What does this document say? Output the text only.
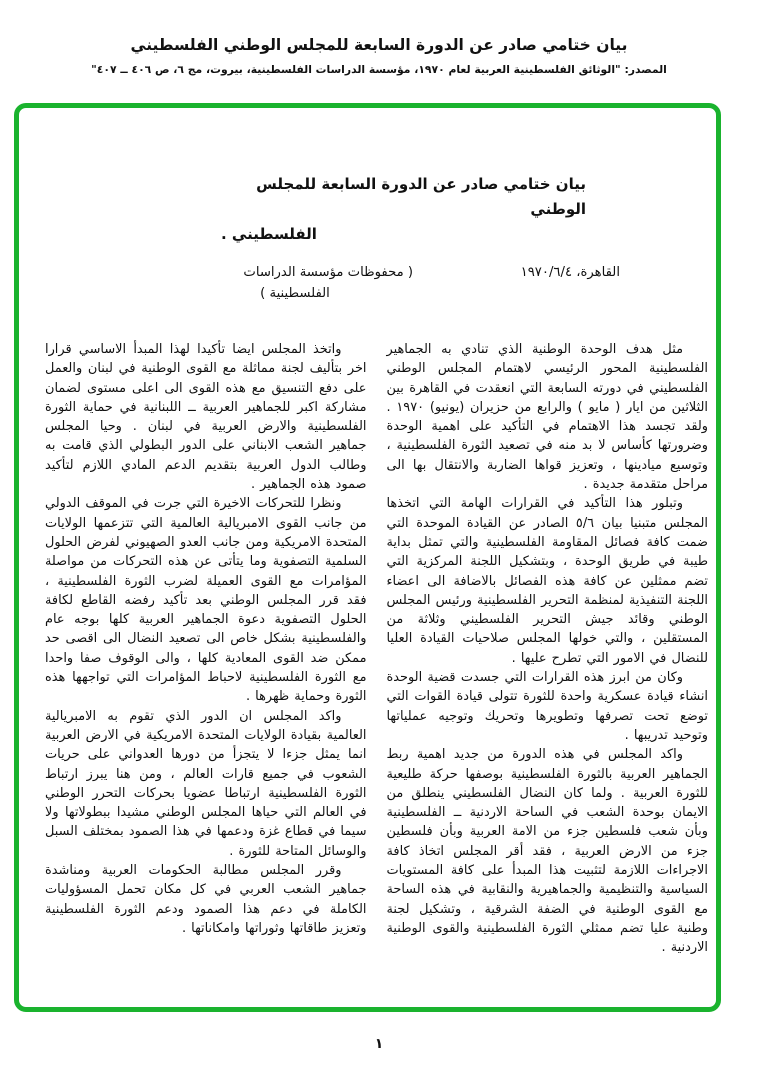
بيان ختامي صادر عن الدورة السابعة للمجلس الوطني الفلسطيني
المصدر: "الوثائق الفلسطينية العربية لعام ١٩٧٠، مؤسسة الدراسات الفلسطينية، بيروت، مج ٦، ص ٤٠٦ ــ ٤٠٧"
بيان ختامي صادر عن الدورة السابعة للمجلس الوطني
الفلسطيني .
القاهرة، ١٩٧٠/٦/٤
( محفوظات مؤسسة الدراسات
الفلسطينية )

مثل هدف الوحدة الوطنية الذي تنادي به الجماهير الفلسطينية المحور الرئيسي لاهتمام المجلس الوطني الفلسطيني في دورته السابعة التي انعقدت في القاهرة بين الثلاثين من ايار ( مايو ) والرابع من حزيران (يونيو) ١٩٧٠ . ولقد تجسد هذا الاهتمام في التأكيد على اهمية الوحدة وضرورتها كأساس لا بد منه في تصعيد الثورة الفلسطينية ، وتوسيع ميادينها ، وتعزيز قواها الضاربة والانتقال بها الى مراحل متقدمة جديدة .

وتبلور هذا التأكيد في القرارات الهامة التي اتخذها المجلس متبنيا بيان ٥/٦ الصادر عن القيادة الموحدة التي ضمت كافة فصائل المقاومة الفلسطينية والتي تمثل بداية طيبة في طريق الوحدة ، وبتشكيل اللجنة المركزية التي تضم ممثلين عن كافة هذه الفصائل بالاضافة الى اعضاء اللجنة التنفيذية لمنظمة التحرير الفلسطينية ورئيس المجلس الوطني وقائد جيش التحرير الفلسطيني وثلاثة من المستقلين ، والتي خولها المجلس صلاحيات القيادة العليا للنضال في الامور التي تطرح عليها .

وكان من ابرز هذه القرارات التي جسدت قضية الوحدة انشاء قيادة عسكرية واحدة للثورة تتولى قيادة القوات التي توضع تحت تصرفها وتطويرها وتحريك وتوجيه عملياتها وتوحيد تدريبها .

واكد المجلس في هذه الدورة من جديد اهمية ربط الجماهير العربية بالثورة الفلسطينية بوصفها حركة طليعية للثورة العربية . ولما كان النضال الفلسطيني ينطلق من الايمان بوحدة الشعب في الساحة الاردنية ــ الفلسطينية وبأن شعب فلسطين جزء من الامة العربية وبأن فلسطين جزء من الارض العربية ، فقد أقر المجلس اتخاذ كافة الاجراءات اللازمة لتثبيت هذا المبدأ على كافة المستويات السياسية والتنظيمية والجماهيرية والنقابية في هذه الساحة مع القوى الوطنية في الضفة الشرقية ، وتشكيل لجنة وطنية عليا تضم ممثلي الثورة الفلسطينية والقوى الوطنية الاردنية .

واتخذ المجلس ايضا تأكيدا لهذا المبدأ الاساسي قرارا اخر بتأليف لجنة مماثلة مع القوى الوطنية في لبنان والعمل على دفع التنسيق مع هذه القوى الى اعلى مستوى لضمان مشاركة اكبر للجماهير العربية ــ اللبنانية في حماية الثورة الفلسطينية والارض العربية في لبنان . وحيا المجلس جماهير الشعب الابناني على الدور البطولي الذي قامت به وطالب الدول العربية بتقديم الدعم المادي اللازم لتأكيد صمود هذه الجماهير .

ونظرا للتحركات الاخيرة التي جرت في الموقف الدولي من جانب القوى الامبريالية العالمية التي تتزعمها الولايات المتحدة الامريكية ومن جانب العدو الصهيوني لفرض الحلول السلمية التصفوية وما يتأتى عن هذه التحركات من مواصلة المؤامرات مع القوى العميلة لضرب الثورة الفلسطينية ، فقد قرر المجلس الوطني بعد تأكيد رفضه القاطع لكافة الحلول التصفوية دعوة الجماهير العربية كلها بوجه عام والفلسطينية بشكل خاص الى تصعيد النضال الى اقصى حد ممكن ضد القوى المعادية كلها ، والى الوقوف صفا واحدا مع الثورة الفلسطينية لاحباط المؤامرات التي تواجهها هذه الثورة وحماية ظهرها .

واكد المجلس ان الدور الذي تقوم به الامبريالية العالمية بقيادة الولايات المتحدة الامريكية في الارض العربية انما يمثل جزءا لا يتجزأ من دورها العدواني على حريات الشعوب في جميع قارات العالم ، ومن هنا يبرز ارتباط الثورة الفلسطينية ارتباطا عضويا بحركات التحرر الوطني في العالم التي حياها المجلس الوطني مشيدا ببطولاتها ولا سيما في قطاع غزة ودعمها في هذا الصمود بمختلف السبل والوسائل المتاحة للثورة .

وقرر المجلس مطالبة الحكومات العربية ومناشدة جماهير الشعب العربي في كل مكان تحمل المسؤوليات الكاملة في دعم هذا الصمود ودعم الثورة الفلسطينية وتعزيز طاقاتها وثوراتها وامكاناتها .

١
